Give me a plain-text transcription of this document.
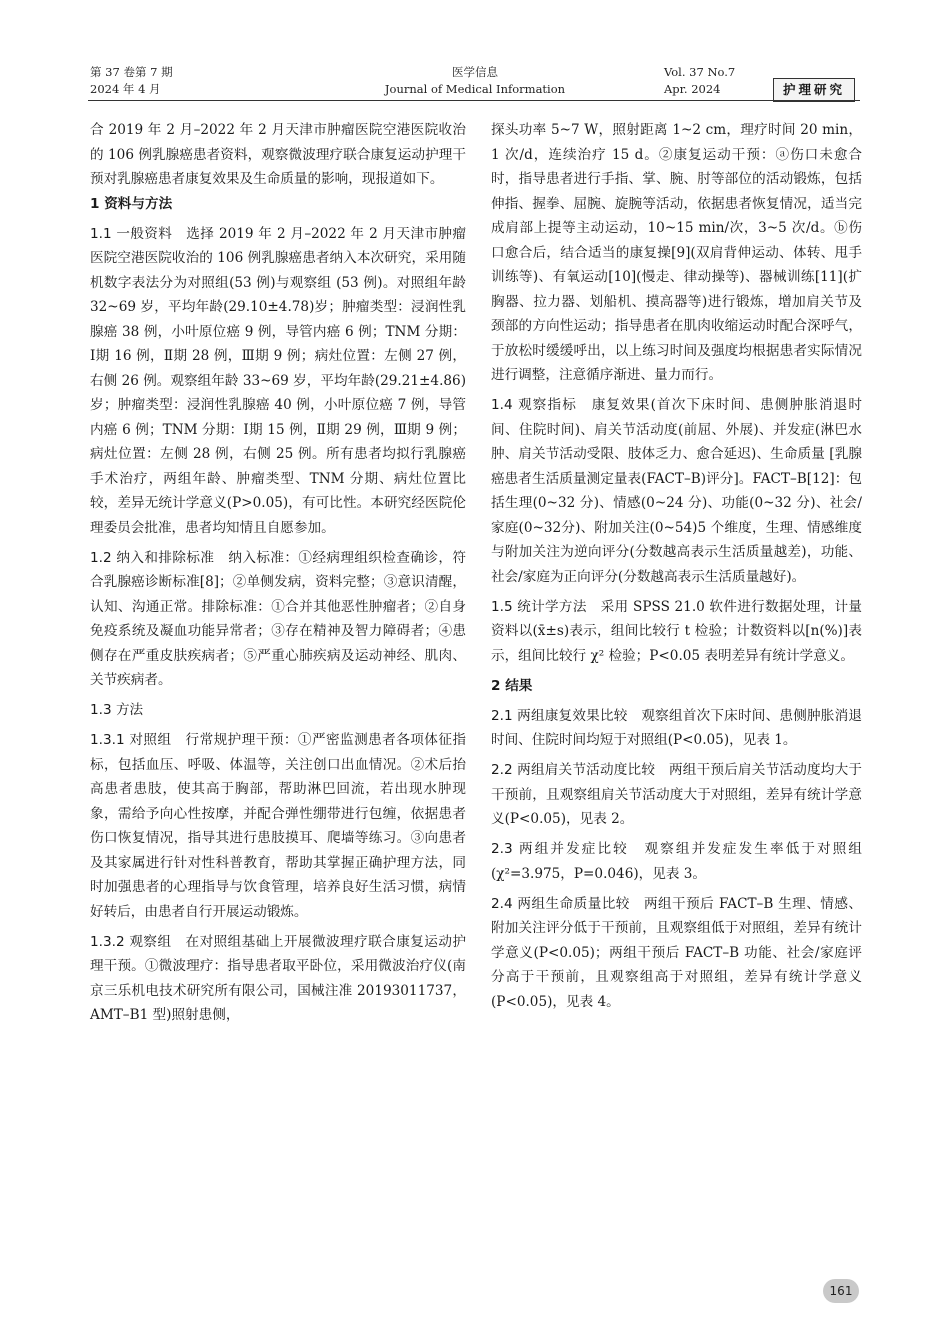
第 37 卷第 7 期
2024 年 4 月
医学信息
Journal of Medical Information
Vol. 37 No.7
Apr. 2024	护理研究

合 2019 年 2 月–2022 年 2 月天津市肿瘤医院空港医院收治的 106 例乳腺癌患者资料，观察微波理疗联合康复运动护理干预对乳腺癌患者康复效果及生命质量的影响，现报道如下。

1 资料与方法

1.1 一般资料　 选择 2019 年 2 月–2022 年 2 月天津市肿瘤医院空港医院收治的 106 例乳腺癌患者纳入本次研究，采用随机数字表法分为对照组(53 例)与观察组 (53 例)。对照组年龄 32~69 岁，平均年龄(29.10±4.78)岁；肿瘤类型：浸润性乳腺癌 38 例，小叶原位癌 9 例，导管内癌 6 例；TNM 分期：Ⅰ期 16 例，Ⅱ期 28 例，Ⅲ期 9 例；病灶位置：左侧 27 例，右侧 26 例。观察组年龄 33~69 岁，平均年龄(29.21±4.86)岁；肿瘤类型：浸润性乳腺癌 40 例，小叶原位癌 7 例，导管内癌 6 例；TNM 分期：Ⅰ期 15 例，Ⅱ期 29 例，Ⅲ期 9 例；病灶位置：左侧 28 例，右侧 25 例。所有患者均拟行乳腺癌手术治疗，两组年龄、肿瘤类型、TNM 分期、病灶位置比较，差异无统计学意义(P>0.05)，有可比性。本研究经医院伦理委员会批准，患者均知情且自愿参加。

1.2 纳入和排除标准　 纳入标准：①经病理组织检查确诊，符合乳腺癌诊断标准[8]；②单侧发病，资料完整；③意识清醒，认知、沟通正常。排除标准：①合并其他恶性肿瘤者；②自身免疫系统及凝血功能异常者；③存在精神及智力障碍者；④患侧存在严重皮肤疾病者；⑤严重心肺疾病及运动神经、肌肉、关节疾病者。

1.3 方法

1.3.1 对照组　 行常规护理干预：①严密监测患者各项体征指标，包括血压、呼吸、体温等，关注创口出血情况。②术后抬高患者患肢，使其高于胸部，帮助淋巴回流，若出现水肿现象，需给予向心性按摩，并配合弹性绷带进行包缠，依据患者伤口恢复情况，指导其进行患肢摸耳、爬墙等练习。③向患者及其家属进行针对性科普教育，帮助其掌握正确护理方法，同时加强患者的心理指导与饮食管理，培养良好生活习惯，病情好转后，由患者自行开展运动锻炼。

1.3.2 观察组　 在对照组基础上开展微波理疗联合康复运动护理干预。①微波理疗：指导患者取平卧位，采用微波治疗仪(南京三乐机电技术研究所有限公司，国械注准 20193011737，AMT–B1 型)照射患侧，

探头功率 5~7 W，照射距离 1~2 cm，理疗时间 20 min，1 次/d，连续治疗 15 d。②康复运动干预：ⓐ伤口未愈合时，指导患者进行手指、掌、腕、肘等部位的活动锻炼，包括伸指、握拳、屈腕、旋腕等活动，依据患者恢复情况，适当完成肩部上提等主动运动，10~15 min/次，3~5 次/d。ⓑ伤口愈合后，结合适当的康复操[9](双肩背伸运动、体转、甩手训练等)、有氧运动[10](慢走、律动操等)、器械训练[11](扩胸器、拉力器、划船机、摸高器等)进行锻炼，增加肩关节及颈部的方向性运动；指导患者在肌肉收缩运动时配合深呼气，于放松时缓缓呼出，以上练习时间及强度均根据患者实际情况进行调整，注意循序渐进、量力而行。

1.4 观察指标　 康复效果(首次下床时间、患侧肿胀消退时间、住院时间)、肩关节活动度(前屈、外展)、并发症(淋巴水肿、肩关节活动受限、肢体乏力、愈合延迟)、生命质量 [乳腺癌患者生活质量测定量表(FACT–B)评分]。FACT–B[12]：包括生理(0~32 分)、情感(0~24 分)、功能(0~32 分)、社会/家庭(0~32分)、附加关注(0~54)5 个维度，生理、情感维度与附加关注为逆向评分(分数越高表示生活质量越差)，功能、社会/家庭为正向评分(分数越高表示生活质量越好)。

1.5 统计学方法　 采用 SPSS 21.0 软件进行数据处理，计量资料以(x̄±s)表示，组间比较行 t 检验；计数资料以[n(%)]表示，组间比较行 χ² 检验；P<0.05 表明差异有统计学意义。

2 结果

2.1 两组康复效果比较　 观察组首次下床时间、患侧肿胀消退时间、住院时间均短于对照组(P<0.05)，见表 1。

2.2 两组肩关节活动度比较　 两组干预后肩关节活动度均大于干预前，且观察组肩关节活动度大于对照组，差异有统计学意义(P<0.05)，见表 2。

2.3 两组并发症比较　 观察组并发症发生率低于对照组(χ²=3.975，P=0.046)，见表 3。

2.4 两组生命质量比较　 两组干预后 FACT–B 生理、情感、附加关注评分低于干预前，且观察组低于对照组，差异有统计学意义(P<0.05)；两组干预后 FACT–B 功能、社会/家庭评分高于干预前，且观察组高于对照组，差异有统计学意义(P<0.05)，见表 4。

161
